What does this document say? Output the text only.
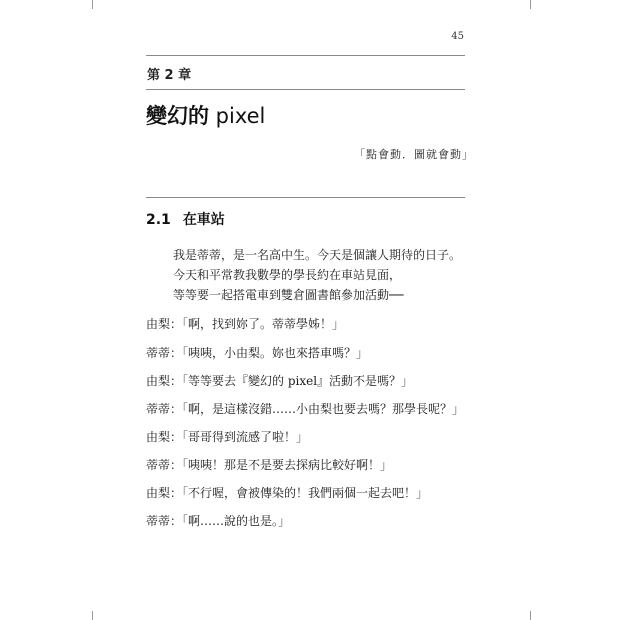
45
第 2 章
變幻的 pixel
「點會動．圖就會動」
2.1 在車站
我是蒂蒂，是一名高中生。今天是個讓人期待的日子。
今天和平常教我數學的學長約在車站見面，
等等要一起搭電車到雙倉圖書館參加活動──
由梨：「啊，找到妳了。蒂蒂學姊！」
蒂蒂：「咦咦，小由梨。妳也來搭車嗎？」
由梨：「等等要去『變幻的 pixel』活動不是嗎？」
蒂蒂：「啊，是這樣沒錯……小由梨也要去嗎？那學長呢？」
由梨：「哥哥得到流感了啦！」
蒂蒂：「咦咦！那是不是要去探病比較好啊！」
由梨：「不行喔，會被傳染的！我們兩個一起去吧！」
蒂蒂：「啊……說的也是。」
